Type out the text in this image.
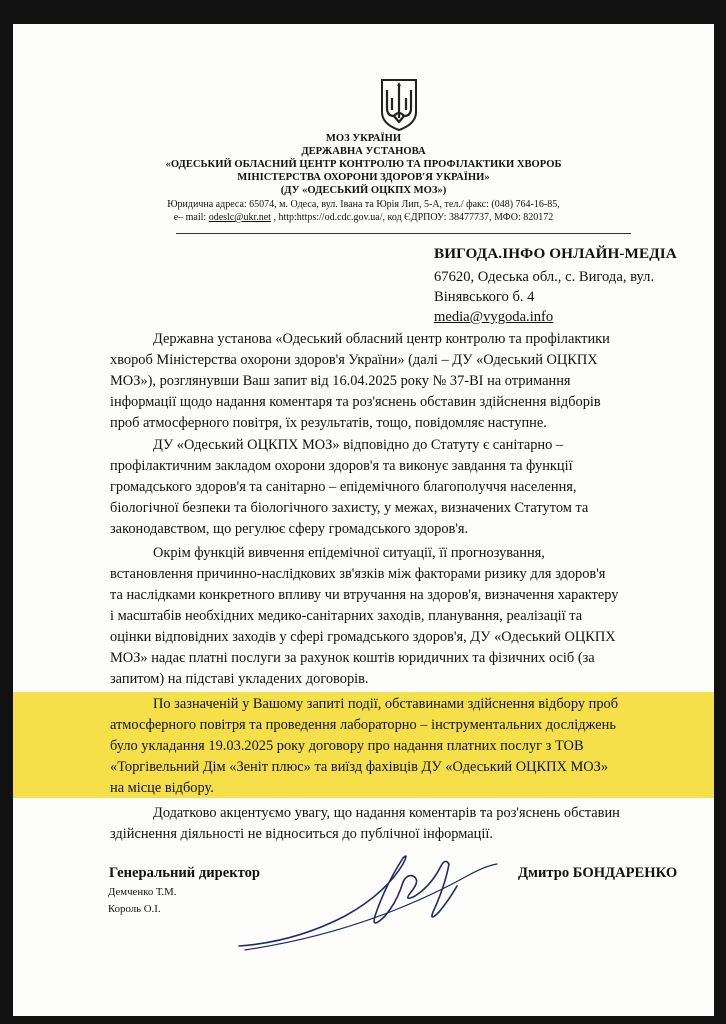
МОЗ УКРАЇНИ
ДЕРЖАВНА УСТАНОВА
«ОДЕСЬКИЙ ОБЛАСНИЙ ЦЕНТР КОНТРОЛЮ ТА ПРОФІЛАКТИКИ ХВОРОБ
МІНІСТЕРСТВА ОХОРОНИ ЗДОРОВ'Я УКРАЇНИ»
(ДУ «ОДЕСЬКИЙ ОЦКПХ МОЗ»)
Юридична адреса: 65074, м. Одеса, вул. Івана та Юрія Лип, 5-А, тел./ факс: (048) 764-16-85,
e– mail: odeslc@ukr.net , http:https://od.cdc.gov.ua/, код ЄДРПОУ: 38477737, МФО: 820172
ВИГОДА.ІНФО ОНЛАЙН-МЕДІА
67620, Одеська обл., с. Вигода, вул.
Вінявського б. 4
media@vygoda.info
Державна установа «Одеський обласний центр контролю та профілактики
хвороб Міністерства охорони здоров'я України» (далі – ДУ «Одеський ОЦКПХ
МОЗ»), розглянувши Ваш запит від 16.04.2025 року № 37-ВІ на отримання
інформації щодо надання коментаря та роз'яснень обставин здійснення відборів
проб атмосферного повітря, їх результатів, тощо, повідомляє наступне.
ДУ «Одеський ОЦКПХ МОЗ» відповідно до Статуту є санітарно –
профілактичним закладом охорони здоров'я та виконує завдання та функції
громадського здоров'я та санітарно – епідемічного благополуччя населення,
біологічної безпеки та біологічного захисту, у межах, визначених Статутом та
законодавством, що регулює сферу громадського здоров'я.
Окрім функцій вивчення епідемічної ситуації, її прогнозування,
встановлення причинно-наслідкових зв'язків між факторами ризику для здоров'я
та наслідками конкретного впливу чи втручання на здоров'я, визначення характеру
і масштабів необхідних медико-санітарних заходів, планування, реалізації та
оцінки відповідних заходів у сфері громадського здоров'я, ДУ «Одеський ОЦКПХ
МОЗ» надає платні послуги за рахунок коштів юридичних та фізичних осіб (за
запитом) на підставі укладених договорів.
По зазначеній у Вашому запиті події, обставинами здійснення відбору проб
атмосферного повітря та проведення лабораторно – інструментальних досліджень
було укладання 19.03.2025 року договору про надання платних послуг з ТОВ
«Торгівельний Дім «Зеніт плюс» та виїзд фахівців ДУ «Одеський ОЦКПХ МОЗ»
на місце відбору.
Додатково акцентуємо увагу, що надання коментарів та роз'яснень обставин
здійснення діяльності не відноситься до публічної інформації.
Генеральний директор	Дмитро БОНДАРЕНКО
Демченко Т.М.
Король О.І.
